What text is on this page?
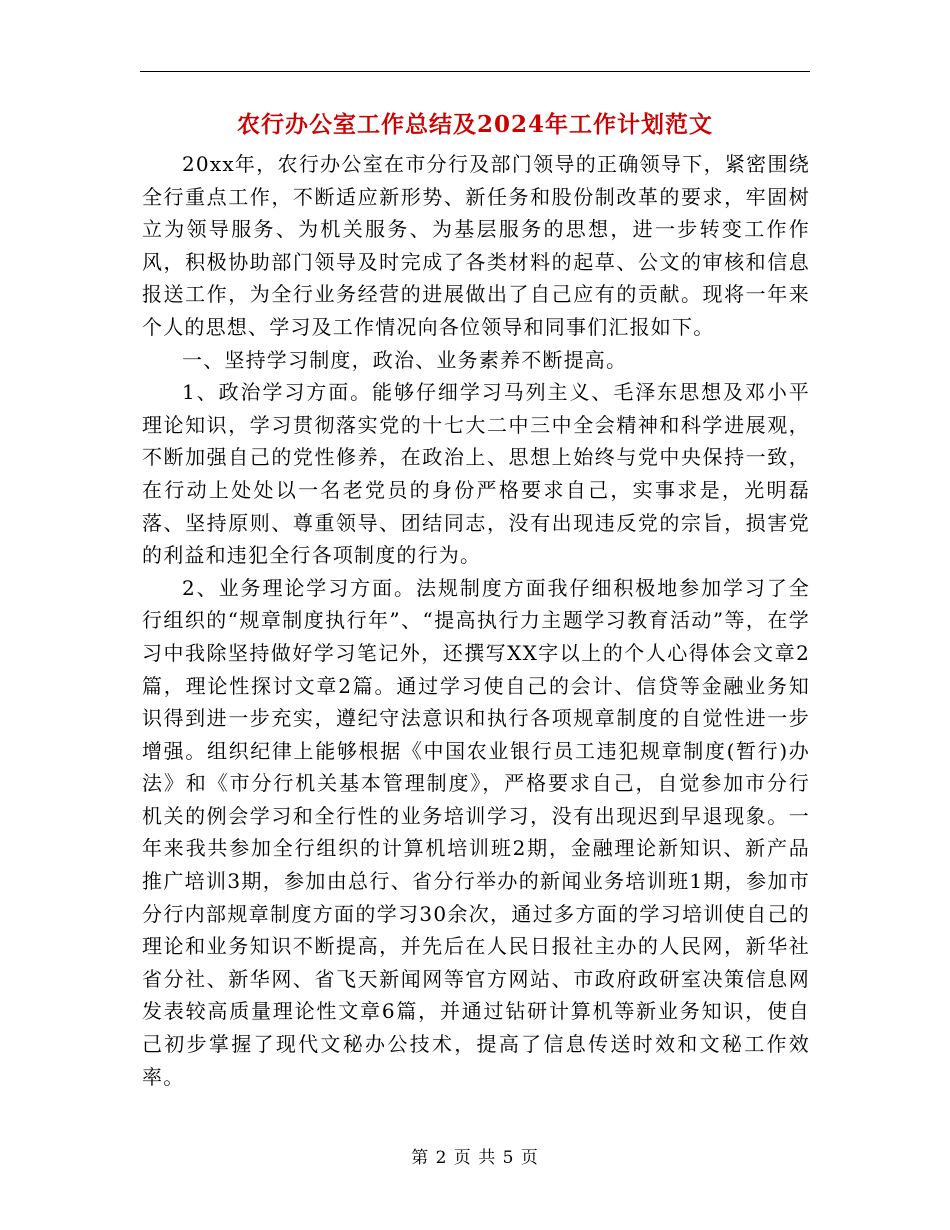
农行办公室工作总结及2024年工作计划范文

20xx年，农行办公室在市分行及部门领导的正确领导下，紧密围绕全行重点工作，不断适应新形势、新任务和股份制改革的要求，牢固树立为领导服务、为机关服务、为基层服务的思想，进一步转变工作作风，积极协助部门领导及时完成了各类材料的起草、公文的审核和信息报送工作，为全行业务经营的进展做出了自己应有的贡献。现将一年来个人的思想、学习及工作情况向各位领导和同事们汇报如下。

一、坚持学习制度，政治、业务素养不断提高。

1、政治学习方面。能够仔细学习马列主义、毛泽东思想及邓小平理论知识，学习贯彻落实党的十七大二中三中全会精神和科学进展观，不断加强自己的党性修养，在政治上、思想上始终与党中央保持一致，在行动上处处以一名老党员的身份严格要求自己，实事求是，光明磊落、坚持原则、尊重领导、团结同志，没有出现违反党的宗旨，损害党的利益和违犯全行各项制度的行为。

2、业务理论学习方面。法规制度方面我仔细积极地参加学习了全行组织的“规章制度执行年”、“提高执行力主题学习教育活动”等，在学习中我除坚持做好学习笔记外，还撰写XX字以上的个人心得体会文章2篇，理论性探讨文章2篇。通过学习使自己的会计、信贷等金融业务知识得到进一步充实，遵纪守法意识和执行各项规章制度的自觉性进一步增强。组织纪律上能够根据《中国农业银行员工违犯规章制度(暂行)办法》和《市分行机关基本管理制度》，严格要求自己，自觉参加市分行机关的例会学习和全行性的业务培训学习，没有出现迟到早退现象。一年来我共参加全行组织的计算机培训班2期，金融理论新知识、新产品推广培训3期，参加由总行、省分行举办的新闻业务培训班1期，参加市分行内部规章制度方面的学习30余次，通过多方面的学习培训使自己的理论和业务知识不断提高，并先后在人民日报社主办的人民网，新华社省分社、新华网、省飞天新闻网等官方网站、市政府政研室决策信息网发表较高质量理论性文章6篇，并通过钻研计算机等新业务知识，使自己初步掌握了现代文秘办公技术，提高了信息传送时效和文秘工作效率。

第 2 页 共 5 页
